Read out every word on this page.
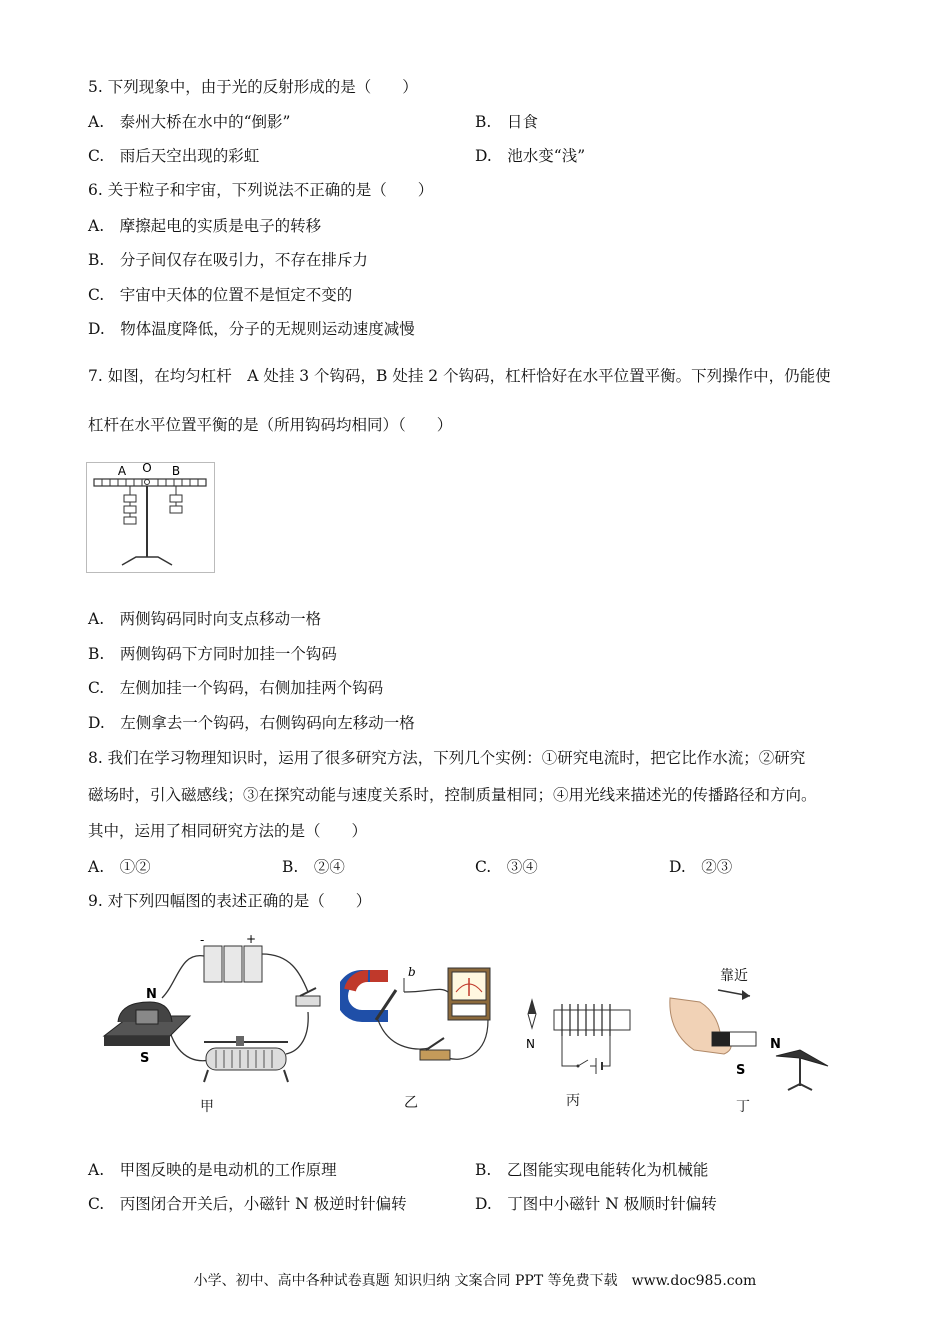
5. 下列现象中，由于光的反射形成的是（　　）
A.　泰州大桥在水中的“倒影”	B.　日食
C.　雨后天空出现的彩虹	D.　池水变“浅”
6. 关于粒子和宇宙，下列说法不正确的是（　　）
A.　摩擦起电的实质是电子的转移
B.　分子间仅存在吸引力，不存在排斥力
C.　宇宙中天体的位置不是恒定不变的
D.　物体温度降低，分子的无规则运动速度减慢
7. 如图，在均匀杠杆　A 处挂 3 个钩码，B 处挂 2 个钩码，杠杆恰好在水平位置平衡。下列操作中，仍能使
杠杆在水平位置平衡的是（所用钩码均相同）（　　）
A O B
A.　两侧钩码同时向支点移动一格
B.　两侧钩码下方同时加挂一个钩码
C.　左侧加挂一个钩码，右侧加挂两个钩码
D.　左侧拿去一个钩码，右侧钩码向左移动一格
8. 我们在学习物理知识时，运用了很多研究方法，下列几个实例：①研究电流时，把它比作水流；②研究
磁场时，引入磁感线；③在探究动能与速度关系时，控制质量相同；④用光线来描述光的传播路径和方向。
其中，运用了相同研究方法的是（　　）
A.　①②	B.　②④	C.　③④	D.　②③
9. 对下列四幅图的表述正确的是（　　）
-	+
N
S
甲
b
乙
N
丙
靠近
S
N
丁
A.　甲图反映的是电动机的工作原理	B.　乙图能实现电能转化为机械能
C.　丙图闭合开关后，小磁针 N 极逆时针偏转	D.　丁图中小磁针 N 极顺时针偏转
小学、初中、高中各种试卷真题 知识归纳 文案合同 PPT 等免费下载　www.doc985.com
